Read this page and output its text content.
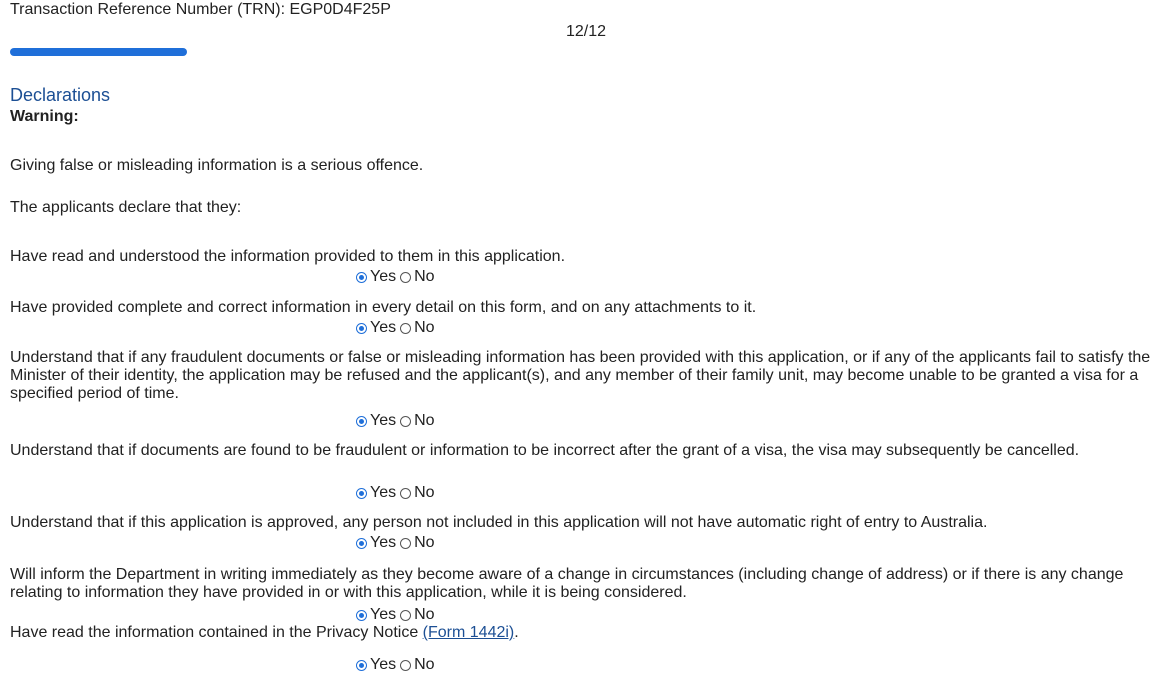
Transaction Reference Number (TRN): EGP0D4F25P
12/12
Declarations
Warning:
Giving false or misleading information is a serious offence.
The applicants declare that they:
Have read and understood the information provided to them in this application.
Yes No
Have provided complete and correct information in every detail on this form, and on any attachments to it.
Yes No
Understand that if any fraudulent documents or false or misleading information has been provided with this application, or if any of the applicants fail to satisfy the Minister of their identity, the application may be refused and the applicant(s), and any member of their family unit, may become unable to be granted a visa for a specified period of time.
Yes No
Understand that if documents are found to be fraudulent or information to be incorrect after the grant of a visa, the visa may subsequently be cancelled.
Yes No
Understand that if this application is approved, any person not included in this application will not have automatic right of entry to Australia.
Yes No
Will inform the Department in writing immediately as they become aware of a change in circumstances (including change of address) or if there is any change relating to information they have provided in or with this application, while it is being considered.
Yes No
Have read the information contained in the Privacy Notice (Form 1442i).
Yes No
